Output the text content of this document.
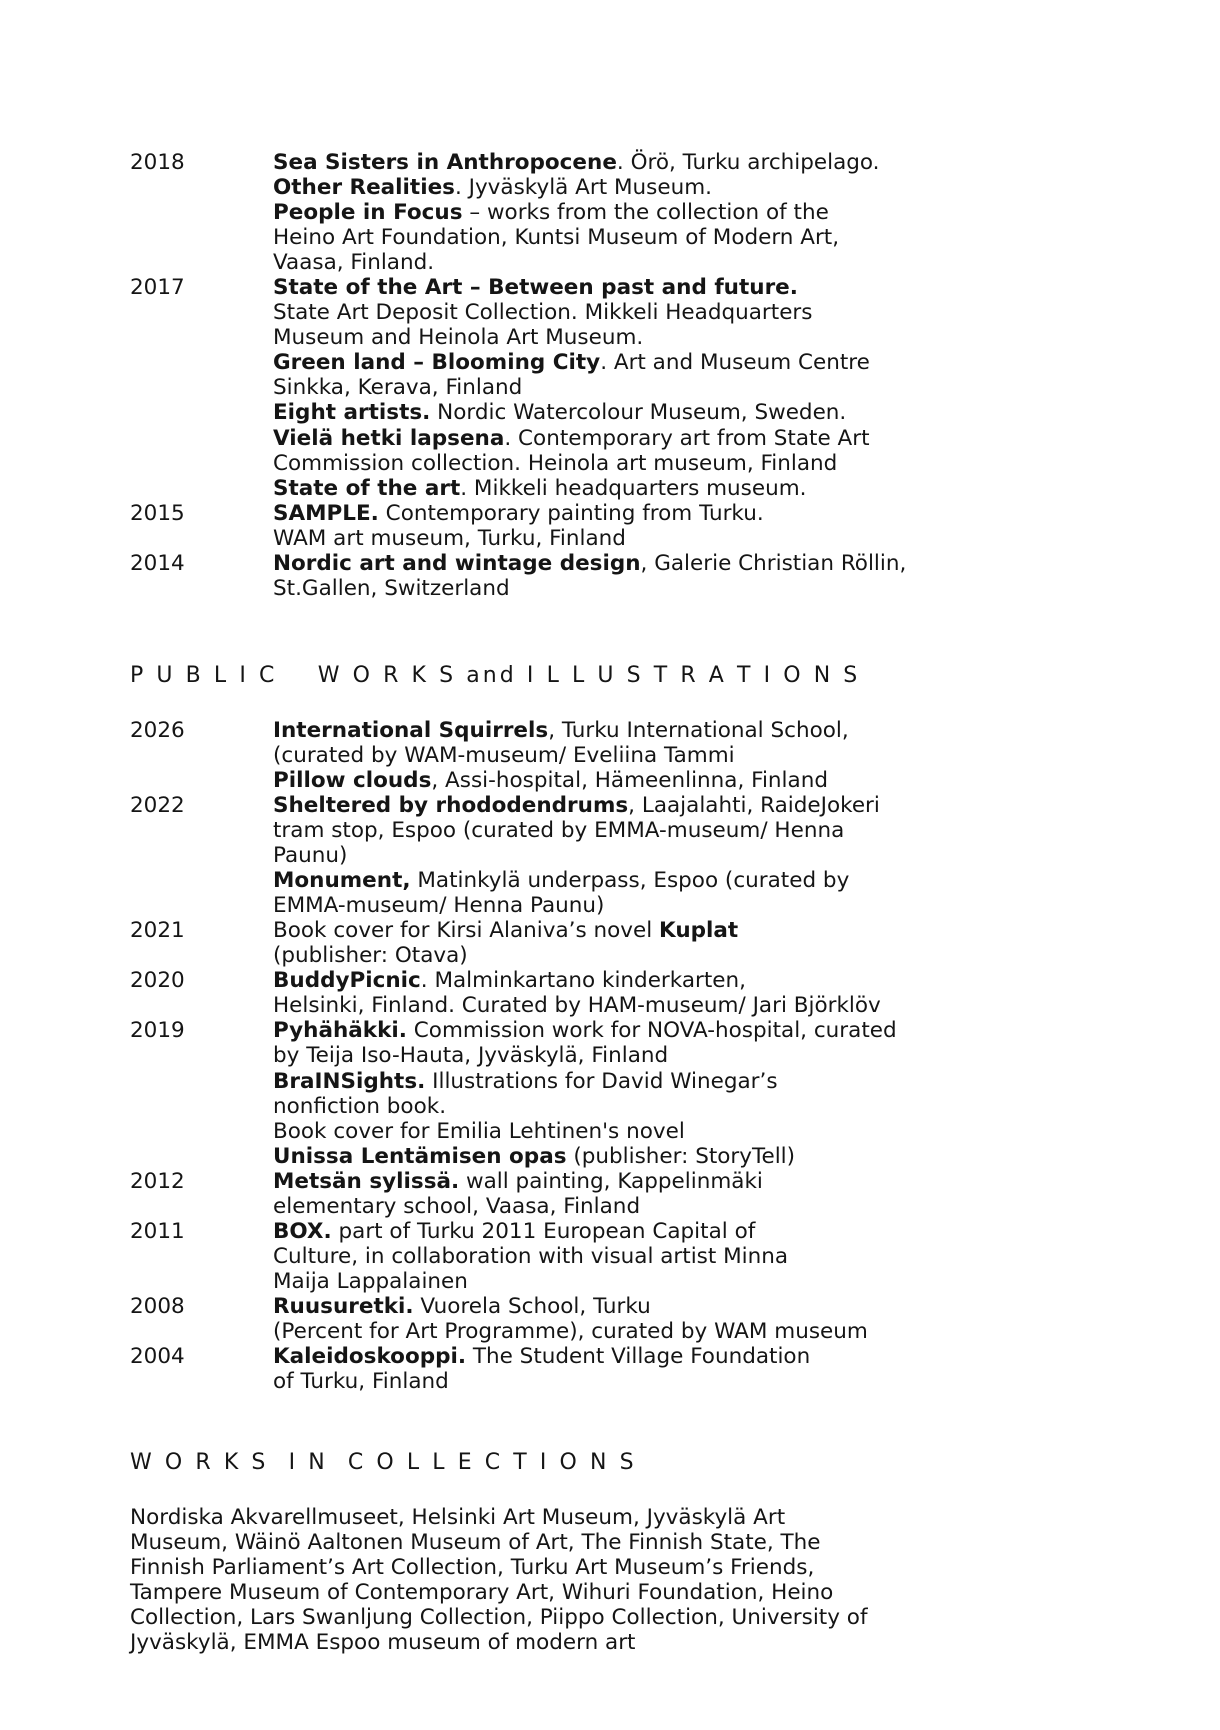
2018	Sea Sisters in Anthropocene. Örö, Turku archipelago.
Other Realities. Jyväskylä Art Museum.
People in Focus – works from the collection of the
Heino Art Foundation, Kuntsi Museum of Modern Art,
Vaasa, Finland.
2017	State of the Art – Between past and future.
State Art Deposit Collection. Mikkeli Headquarters
Museum and Heinola Art Museum.
Green land – Blooming City. Art and Museum Centre
Sinkka, Kerava, Finland
Eight artists. Nordic Watercolour Museum, Sweden.
Vielä hetki lapsena. Contemporary art from State Art
Commission collection. Heinola art museum, Finland
State of the art. Mikkeli headquarters museum.
2015	SAMPLE. Contemporary painting from Turku.
WAM art museum, Turku, Finland
2014	Nordic art and wintage design, Galerie Christian Röllin,
St.Gallen, Switzerland
P U B L I C    W O R K S and I L L U S T R A T I O N S
2026	International Squirrels, Turku International School,
(curated by WAM-museum/ Eveliina Tammi
Pillow clouds, Assi-hospital, Hämeenlinna, Finland
2022	Sheltered by rhododendrums, Laajalahti, RaideJokeri
tram stop, Espoo (curated by EMMA-museum/ Henna
Paunu)
Monument, Matinkylä underpass, Espoo (curated by
EMMA-museum/ Henna Paunu)
2021	Book cover for Kirsi Alaniva’s novel Kuplat
(publisher: Otava)
2020	BuddyPicnic. Malminkartano kinderkarten,
Helsinki, Finland. Curated by HAM-museum/ Jari Björklöv
2019	Pyhähäkki. Commission work for NOVA-hospital, curated
by Teija Iso-Hauta, Jyväskylä, Finland
BraINSights. Illustrations for David Winegar’s
nonfiction book.
Book cover for Emilia Lehtinen's novel
Unissa Lentämisen opas (publisher: StoryTell)
2012	Metsän sylissä. wall painting, Kappelinmäki
elementary school, Vaasa, Finland
2011	BOX. part of Turku 2011 European Capital of
Culture, in collaboration with visual artist Minna
Maija Lappalainen
2008	Ruusuretki. Vuorela School, Turku
(Percent for Art Programme), curated by WAM museum
2004	Kaleidoskooppi. The Student Village Foundation
of Turku, Finland
W O R K S  I N  C O L L E C T I O N S
Nordiska Akvarellmuseet, Helsinki Art Museum, Jyväskylä Art
Museum, Wäinö Aaltonen Museum of Art, The Finnish State, The
Finnish Parliament’s Art Collection, Turku Art Museum’s Friends,
Tampere Museum of Contemporary Art, Wihuri Foundation, Heino
Collection, Lars Swanljung Collection, Piippo Collection, University of
Jyväskylä, EMMA Espoo museum of modern art
